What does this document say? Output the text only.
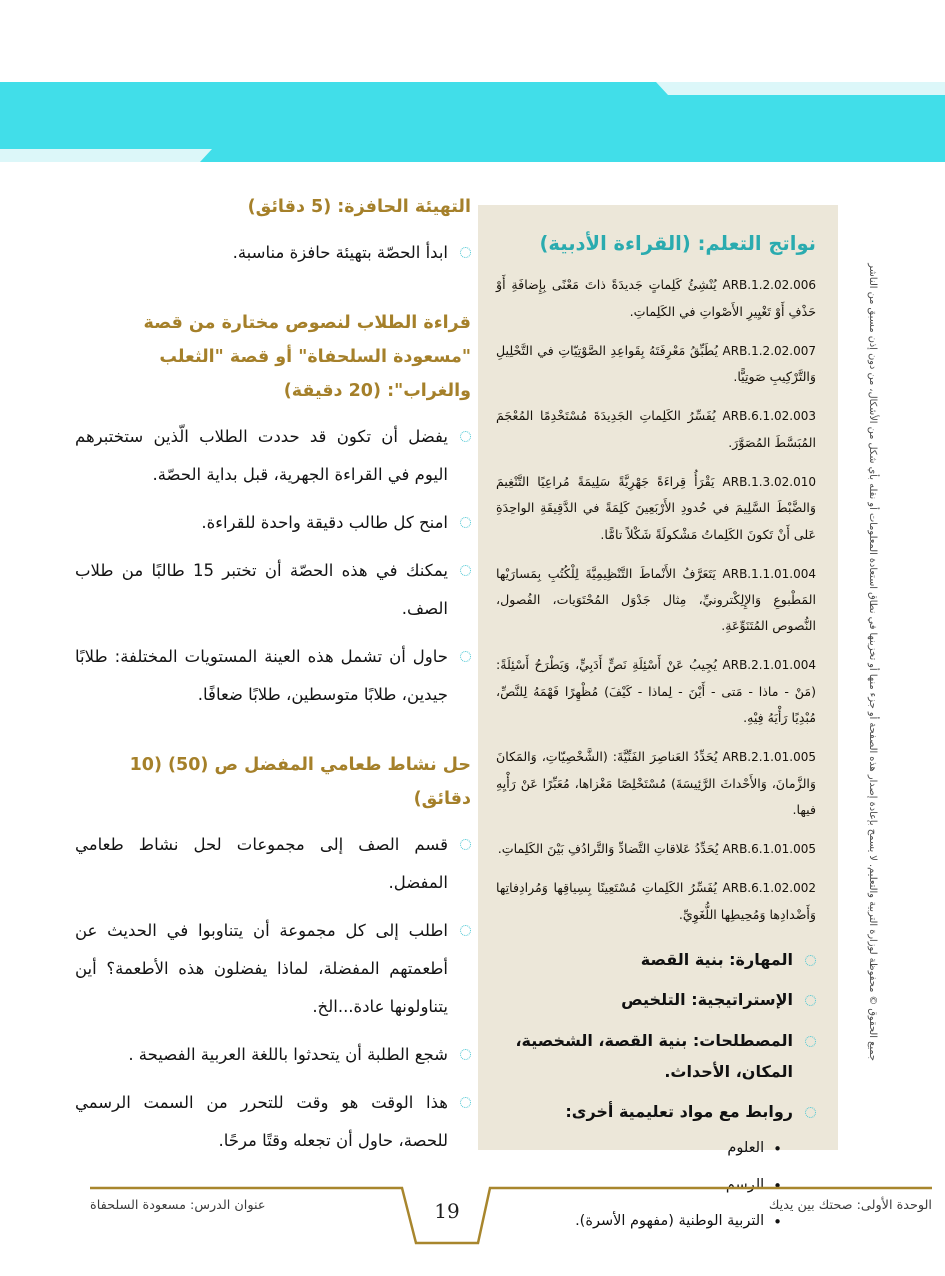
التهيئة الحافزة: (5 دقائق)
ابدأ الحصّة بتهيئة حافزة مناسبة.
قراءة الطلاب لنصوص مختارة من قصة "مسعودة السلحفاة" أو قصة "الثعلب والغراب": (20 دقيقة)
يفضل أن تكون قد حددت الطلاب الّذين ستختبرهم اليوم في القراءة الجهرية، قبل بداية الحصّة.
امنح كل طالب دقيقة واحدة للقراءة.
يمكنك في هذه الحصّة أن تختبر 15 طالبًا من طلاب الصف.
حاول أن تشمل هذه العينة المستويات المختلفة: طلابًا جيدين، طلابًا متوسطين، طلابًا ضعافًا.
حل نشاط طعامي المفضل ص (50) (10 دقائق)
قسم الصف إلى مجموعات لحل نشاط طعامي المفضل.
اطلب إلى كل مجموعة أن يتناوبوا في الحديث عن أطعمتهم المفضلة، لماذا يفضلون هذه الأطعمة؟ أين يتناولونها عادة...الخ.
شجع الطلبة أن يتحدثوا باللغة العربية الفصيحة .
هذا الوقت هو وقت للتحرر من السمت الرسمي للحصة، حاول أن تجعله وقتًا مرحًا.
نواتج التعلم: (القراءة الأدبية)

ARB.1.2.02.006 يُنْشِئُ كَلِماتٍ جَديدَةً ذاتَ مَعْنًى بِإِضافَةِ أَوْ حَذْفِ أَوْ تَغْيِيرِ الأَصْواتِ في الكَلِماتِ.

ARB.1.2.02.007 يُطَبِّقُ مَعْرِفَتَهُ بِقَواعِدِ الصَّوْتِيّاتِ في التَّحْلِيلِ وَالتَّرْكِيبِ صَوتِيًّا.

ARB.6.1.02.003 يُفَسِّرُ الكَلِماتِ الجَدِيدَةَ مُسْتَخْدِمًا المُعْجَمَ المُبَسَّطَ المُصَوَّرَ.

ARB.1.3.02.010 يَقْرَأُ قِراءَةً جَهْرِيَّةً سَلِيمَةً مُراعِيًا التَّنْغِيمَ وَالضَّبْطَ السَّلِيمَ في حُدودِ الأَرْبَعِينَ كَلِمَةً في الدَّقِيقَةِ الواحِدَةِ عَلى أَنْ تَكونَ الكَلِماتُ مَشْكولَةً شَكْلاً تامًّا.

ARB.1.1.01.004 يَتَعَرَّفُ الأَنْماطَ التَّنْظِيمِيَّةَ لِلْكُتُبِ بِمَسارَيْها المَطْبوعِ وَالإِلِكْترونيِّ، مِثال جَدْوَل المُحْتَوَيات، الفُصول، النُّصوص المُتَنَوِّعَةِ.

ARB.2.1.01.004 يُجِيبُ عَنْ أَسْئِلَةِ نَصٍّ أَدَبِيٍّ، وَيَطْرَحُ أَسْئِلَةً: (مَنْ - ماذا - مَتى - أَيْنَ - لِماذا - كَيْفَ) مُظْهِرًا فَهْمَهُ لِلنَّصِّ، مُبْدِيًا رَأْيَهُ فِيْهِ.

ARB.2.1.01.005 يُحَدِّدُ العَناصِرَ الفَنِّيَّةَ: (الشَّخْصِيّاتِ، وَالمَكانَ وَالزَّمانَ، وَالأَحْداثَ الرَّئِيسَةَ) مُسْتَخْلِصًا مَغْزاها، مُعَبِّرًا عَنْ رَأْيِهِ فيها.

ARB.6.1.01.005 يُحَدِّدُ عَلاقاتِ التَّضادِّ وَالتَّرادُفِ بَيْنَ الكَلِماتِ.

ARB.6.1.02.002 يُفَسِّرُ الكَلِماتِ مُسْتَعِينًا بِسِياقِها وَمُرادِفاتِها وَأَضْدادِها وَمُحِيطِها اللُّغَوِيِّ.

المهارة: بنية القصة
الإستراتيجية: التلخيص
المصطلحات: بنية القصة، الشخصية، المكان، الأحداث.
روابط مع مواد تعليمية أخرى:
•
العلوم
•
الرسم.
•
التربية الوطنية (مفهوم الأسرة).
جميع الحقوق © محفوظة لوزارة التربية والتعليم. لا يسمح بإعادة إصدار هذه الصفحة أو جزء منها أو تخزينها في نطاق استعادة المعلومات أو نقله بأي شكل من الأشكال، من دون إذن مسبق من الناشر
الوحدة الأولى: صحتك بين يديك
عنوان الدرس: مسعودة السلحفاة	19
